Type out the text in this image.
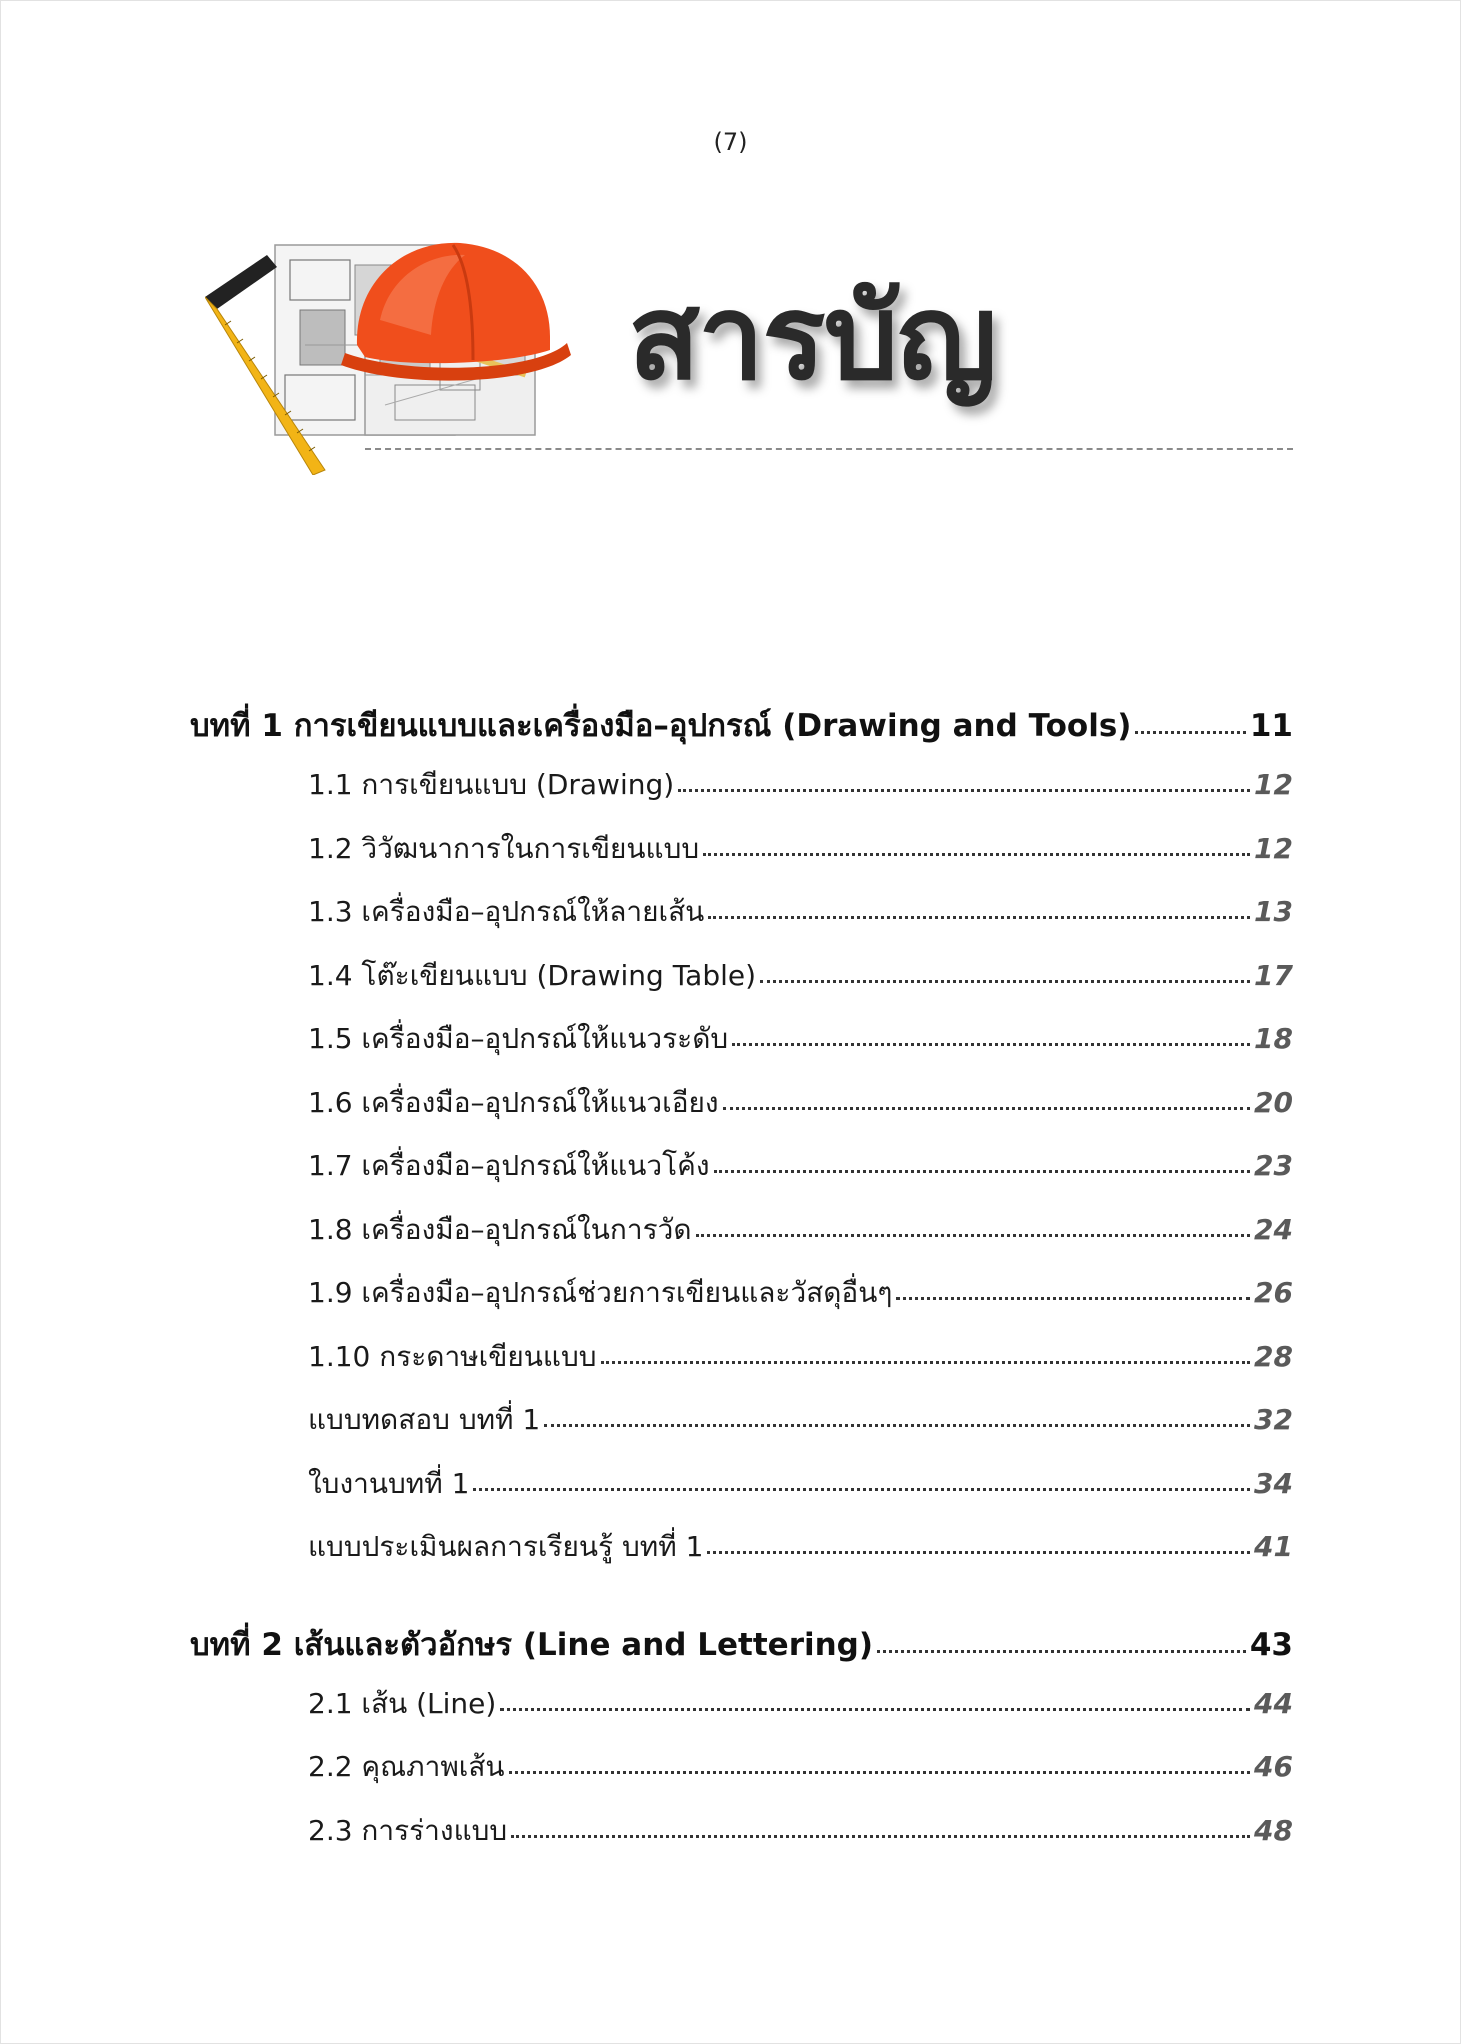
(7)
สารบัญ
บทที่ 1 การเขียนแบบและเครื่องมือ–อุปกรณ์ (Drawing and Tools)	11
1.1 การเขียนแบบ (Drawing)	12
1.2 วิวัฒนาการในการเขียนแบบ	12
1.3 เครื่องมือ–อุปกรณ์ให้ลายเส้น	13
1.4 โต๊ะเขียนแบบ (Drawing Table)	17
1.5 เครื่องมือ–อุปกรณ์ให้แนวระดับ	18
1.6 เครื่องมือ–อุปกรณ์ให้แนวเอียง	20
1.7 เครื่องมือ–อุปกรณ์ให้แนวโค้ง	23
1.8 เครื่องมือ–อุปกรณ์ในการวัด	24
1.9 เครื่องมือ–อุปกรณ์ช่วยการเขียนและวัสดุอื่นๆ	26
1.10 กระดาษเขียนแบบ	28
แบบทดสอบ บทที่ 1	32
ใบงานบทที่ 1	34
แบบประเมินผลการเรียนรู้ บทที่ 1	41
บทที่ 2 เส้นและตัวอักษร (Line and Lettering)	43
2.1 เส้น (Line)	44
2.2 คุณภาพเส้น	46
2.3 การร่างแบบ	48
